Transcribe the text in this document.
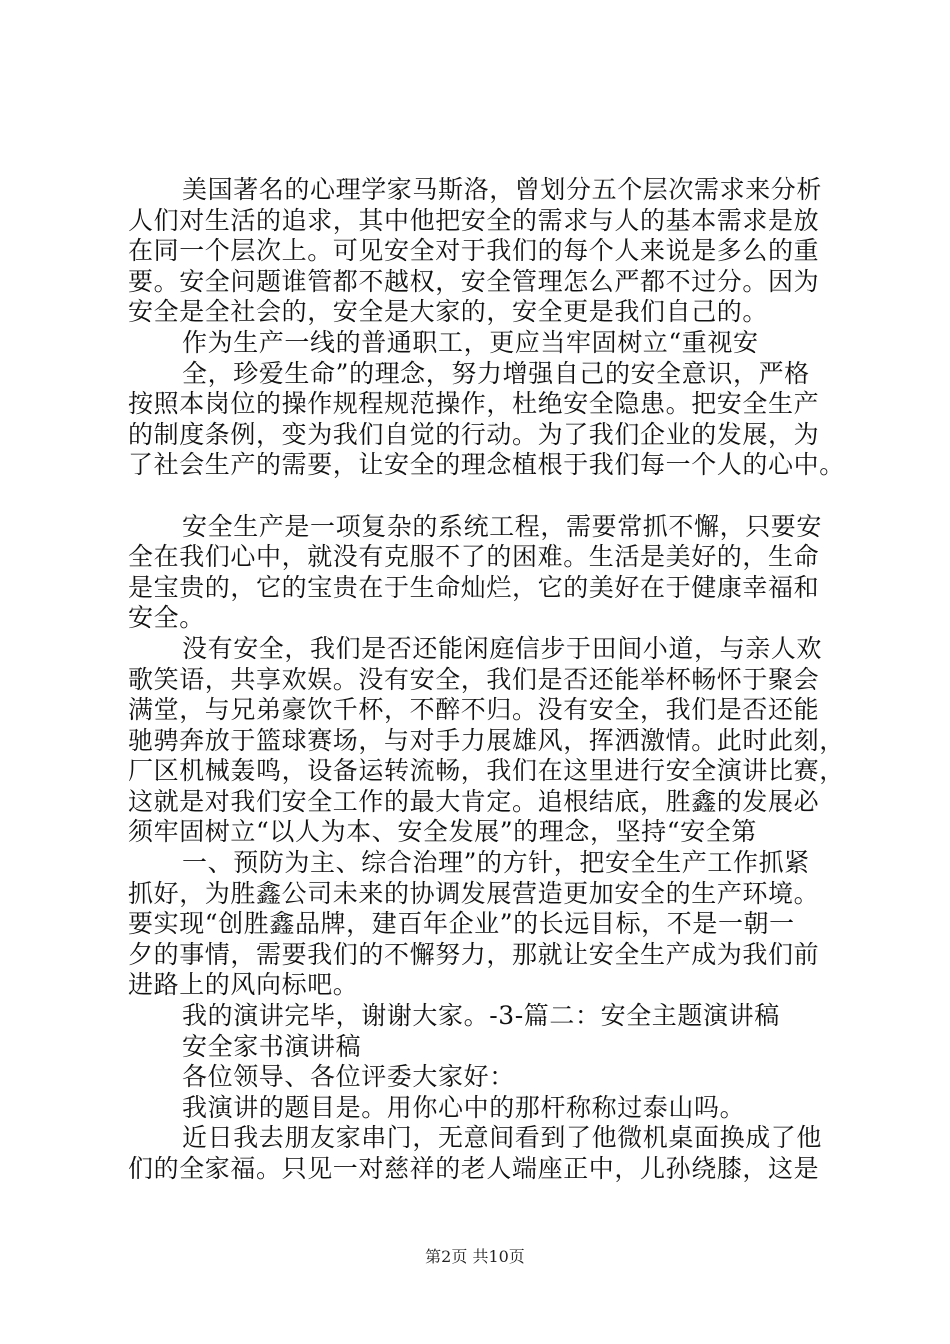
美国著名的心理学家马斯洛，曾划分五个层次需求来分析
人们对生活的追求，其中他把安全的需求与人的基本需求是放
在同一个层次上。可见安全对于我们的每个人来说是多么的重
要。安全问题谁管都不越权，安全管理怎么严都不过分。因为
安全是全社会的，安全是大家的，安全更是我们自己的。
作为生产一线的普通职工，更应当牢固树立“重视安
全，珍爱生命”的理念，努力增强自己的安全意识，严格
按照本岗位的操作规程规范操作，杜绝安全隐患。把安全生产
的制度条例，变为我们自觉的行动。为了我们企业的发展，为
了社会生产的需要，让安全的理念植根于我们每一个人的心中。
安全生产是一项复杂的系统工程，需要常抓不懈，只要安
全在我们心中，就没有克服不了的困难。生活是美好的，生命
是宝贵的，它的宝贵在于生命灿烂，它的美好在于健康幸福和
安全。
没有安全，我们是否还能闲庭信步于田间小道，与亲人欢
歌笑语，共享欢娱。没有安全，我们是否还能举杯畅怀于聚会
满堂，与兄弟豪饮千杯，不醉不归。没有安全，我们是否还能
驰骋奔放于篮球赛场，与对手力展雄风，挥洒激情。此时此刻，
厂区机械轰鸣，设备运转流畅，我们在这里进行安全演讲比赛，
这就是对我们安全工作的最大肯定。追根结底，胜鑫的发展必
须牢固树立“以人为本、安全发展”的理念，坚持“安全第
一、预防为主、综合治理”的方针，把安全生产工作抓紧
抓好，为胜鑫公司未来的协调发展营造更加安全的生产环境。
要实现“创胜鑫品牌，建百年企业”的长远目标，不是一朝一
夕的事情，需要我们的不懈努力，那就让安全生产成为我们前
进路上的风向标吧。
我的演讲完毕，谢谢大家。-3-篇二：安全主题演讲稿
安全家书演讲稿
各位领导、各位评委大家好：
我演讲的题目是。用你心中的那杆称称过泰山吗。
近日我去朋友家串门，无意间看到了他微机桌面换成了他
们的全家福。只见一对慈祥的老人端座正中，儿孙绕膝，这是
第2页 共10页
